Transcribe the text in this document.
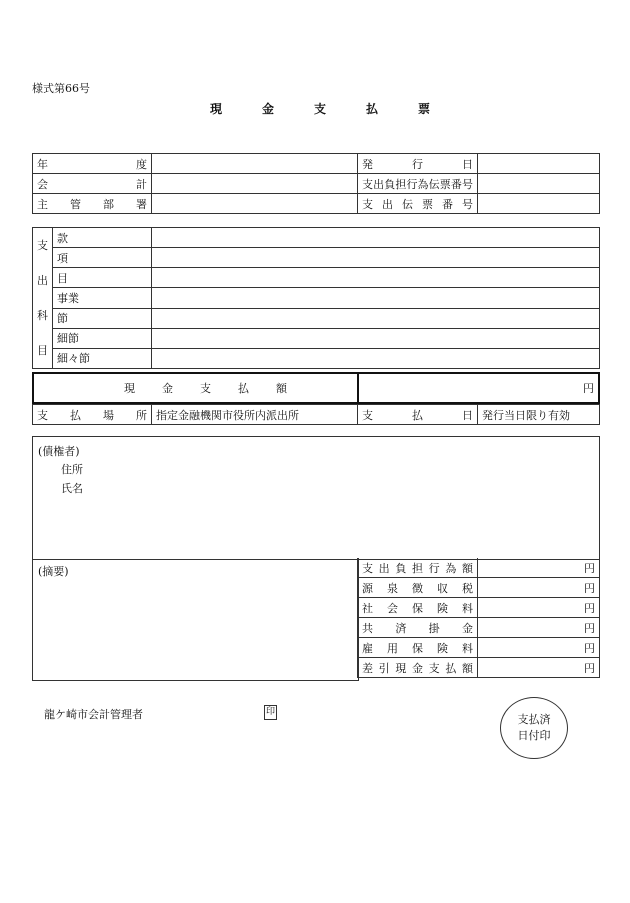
様式第66号
現	金	支	払	票
年度		発行日	
会計		支出負担行為伝票番号	
主管部署		支出伝票番号	
支
出
科
目	款	
	項	
	目	
	事業	
	節	
	細節	
	細々節	
現金支払額	円
支払場所	指定金融機関市役所内派出所	支払日	発行当日限り有効
(債権者)
住所
氏名
(摘要)	支出負担行為額	円
源泉徴収税	円
社会保険料	円
共済掛金	円
雇用保険料	円
差引現金支払額	円
龍ケ崎市会計管理者	印
支払済
日付印
